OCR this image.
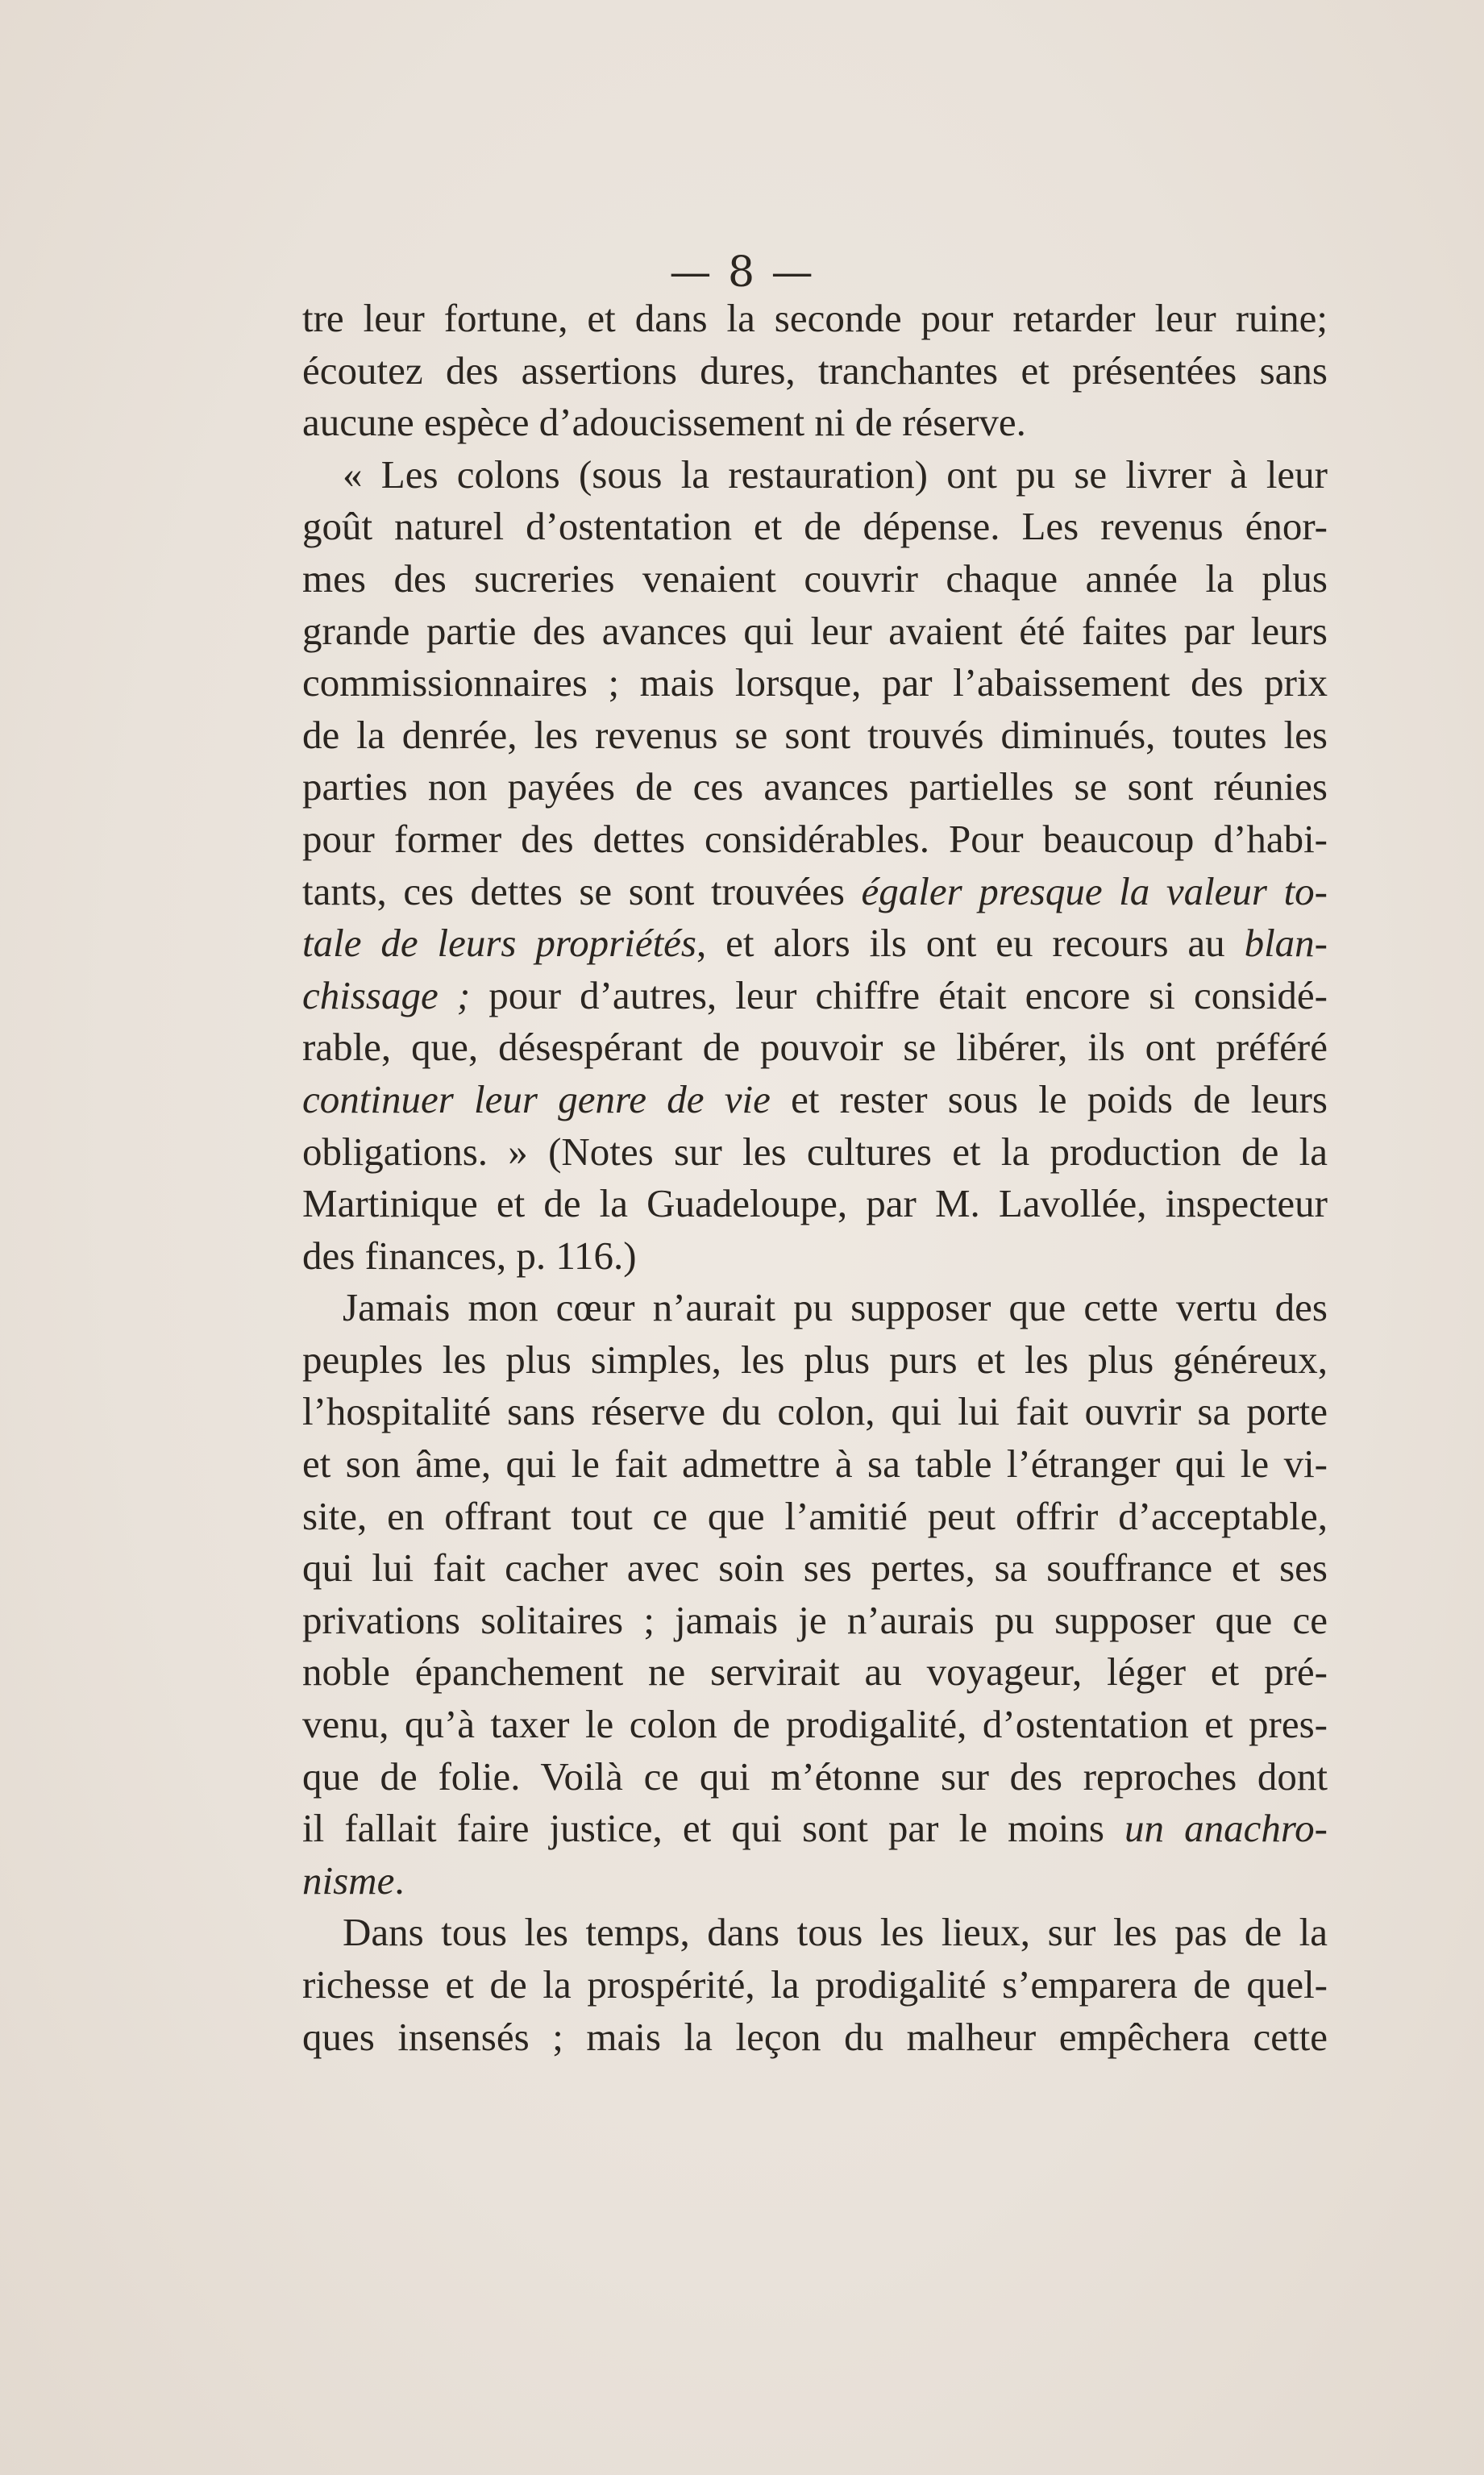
— 8 —
tre leur fortune, et dans la seconde pour retarder leur ruine;
écoutez des assertions dures, tranchantes et présentées sans
aucune espèce d’adoucissement ni de réserve.
« Les colons (sous la restauration) ont pu se livrer à leur
goût naturel d’ostentation et de dépense. Les revenus énor-
mes des sucreries venaient couvrir chaque année la plus
grande partie des avances qui leur avaient été faites par leurs
commissionnaires ; mais lorsque, par l’abaissement des prix
de la denrée, les revenus se sont trouvés diminués, toutes les
parties non payées de ces avances partielles se sont réunies
pour former des dettes considérables. Pour beaucoup d’habi-
tants, ces dettes se sont trouvées égaler presque la valeur to-
tale de leurs propriétés, et alors ils ont eu recours au blan-
chissage ; pour d’autres, leur chiffre était encore si considé-
rable, que, désespérant de pouvoir se libérer, ils ont préféré
continuer leur genre de vie et rester sous le poids de leurs
obligations. » (Notes sur les cultures et la production de la
Martinique et de la Guadeloupe, par M. Lavollée, inspecteur
des finances, p. 116.)
Jamais mon cœur n’aurait pu supposer que cette vertu des
peuples les plus simples, les plus purs et les plus généreux,
l’hospitalité sans réserve du colon, qui lui fait ouvrir sa porte
et son âme, qui le fait admettre à sa table l’étranger qui le vi-
site, en offrant tout ce que l’amitié peut offrir d’acceptable,
qui lui fait cacher avec soin ses pertes, sa souffrance et ses
privations solitaires ; jamais je n’aurais pu supposer que ce
noble épanchement ne servirait au voyageur, léger et pré-
venu, qu’à taxer le colon de prodigalité, d’ostentation et pres-
que de folie. Voilà ce qui m’étonne sur des reproches dont
il fallait faire justice, et qui sont par le moins un anachro-
nisme.
Dans tous les temps, dans tous les lieux, sur les pas de la
richesse et de la prospérité, la prodigalité s’emparera de quel-
ques insensés ; mais la leçon du malheur empêchera cette
